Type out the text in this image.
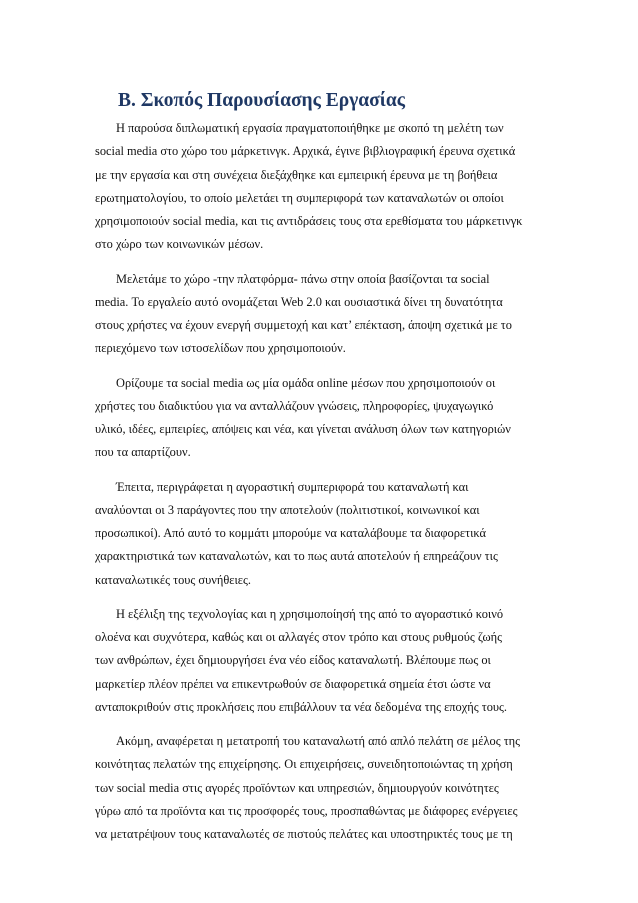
Β. Σκοπός Παρουσίασης Εργασίας

Η παρούσα διπλωματική εργασία πραγματοποιήθηκε με σκοπό τη μελέτη των
social media στο χώρο του μάρκετινγκ. Αρχικά, έγινε βιβλιογραφική έρευνα σχετικά
με την εργασία και στη συνέχεια διεξάχθηκε και εμπειρική έρευνα με τη βοήθεια
ερωτηματολογίου, το οποίο μελετάει τη συμπεριφορά των καταναλωτών οι οποίοι
χρησιμοποιούν social media, και τις αντιδράσεις τους στα ερεθίσματα του μάρκετινγκ
στο χώρο των κοινωνικών μέσων.

Μελετάμε το χώρο -την πλατφόρμα- πάνω στην οποία βασίζονται τα social
media. Το εργαλείο αυτό ονομάζεται Web 2.0 και ουσιαστικά δίνει τη δυνατότητα
στους χρήστες να έχουν ενεργή συμμετοχή και κατ’ επέκταση, άποψη σχετικά με το
περιεχόμενο των ιστοσελίδων που χρησιμοποιούν.

Ορίζουμε τα social media ως μία ομάδα online μέσων που χρησιμοποιούν οι
χρήστες του διαδικτύου για να ανταλλάζουν γνώσεις, πληροφορίες, ψυχαγωγικό
υλικό, ιδέες, εμπειρίες, απόψεις και νέα, και γίνεται ανάλυση όλων των κατηγοριών
που τα απαρτίζουν.

Έπειτα, περιγράφεται η αγοραστική συμπεριφορά του καταναλωτή και
αναλύονται οι 3 παράγοντες που την αποτελούν (πολιτιστικοί, κοινωνικοί και
προσωπικοί). Από αυτό το κομμάτι μπορούμε να καταλάβουμε τα διαφορετικά
χαρακτηριστικά των καταναλωτών, και το πως αυτά αποτελούν ή επηρεάζουν τις
καταναλωτικές τους συνήθειες.

Η εξέλιξη της τεχνολογίας και η χρησιμοποίησή της από το αγοραστικό κοινό
ολοένα και συχνότερα, καθώς και οι αλλαγές στον τρόπο και στους ρυθμούς ζωής
των ανθρώπων, έχει δημιουργήσει ένα νέο είδος καταναλωτή. Βλέπουμε πως οι
μαρκετίερ πλέον πρέπει να επικεντρωθούν σε διαφορετικά σημεία έτσι ώστε να
ανταποκριθούν στις προκλήσεις που επιβάλλουν τα νέα δεδομένα της εποχής τους.

Ακόμη, αναφέρεται η μετατροπή του καταναλωτή από απλό πελάτη σε μέλος της
κοινότητας πελατών της επιχείρησης. Οι επιχειρήσεις, συνειδητοποιώντας τη χρήση
των social media στις αγορές προϊόντων και υπηρεσιών, δημιουργούν κοινότητες
γύρω από τα προϊόντα και τις προσφορές τους, προσπαθώντας με διάφορες ενέργειες
να μετατρέψουν τους καταναλωτές σε πιστούς πελάτες και υποστηρικτές τους με τη
